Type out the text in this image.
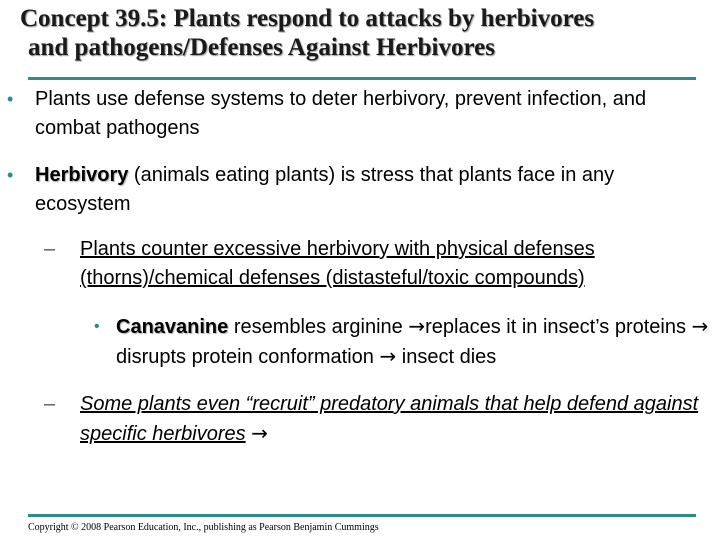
Concept 39.5: Plants respond to attacks by herbivores
and pathogens/Defenses Against Herbivores
• Plants use defense systems to deter herbivory, prevent infection, and combat pathogens
• Herbivory (animals eating plants) is stress that plants face in any ecosystem
– Plants counter excessive herbivory with physical defenses (thorns)/chemical defenses (distasteful/toxic compounds)
• Canavanine resembles arginine →replaces it in insect’s proteins → disrupts protein conformation → insect dies
– Some plants even “recruit” predatory animals that help defend against specific herbivores →
Copyright © 2008 Pearson Education, Inc., publishing as Pearson Benjamin Cummings
